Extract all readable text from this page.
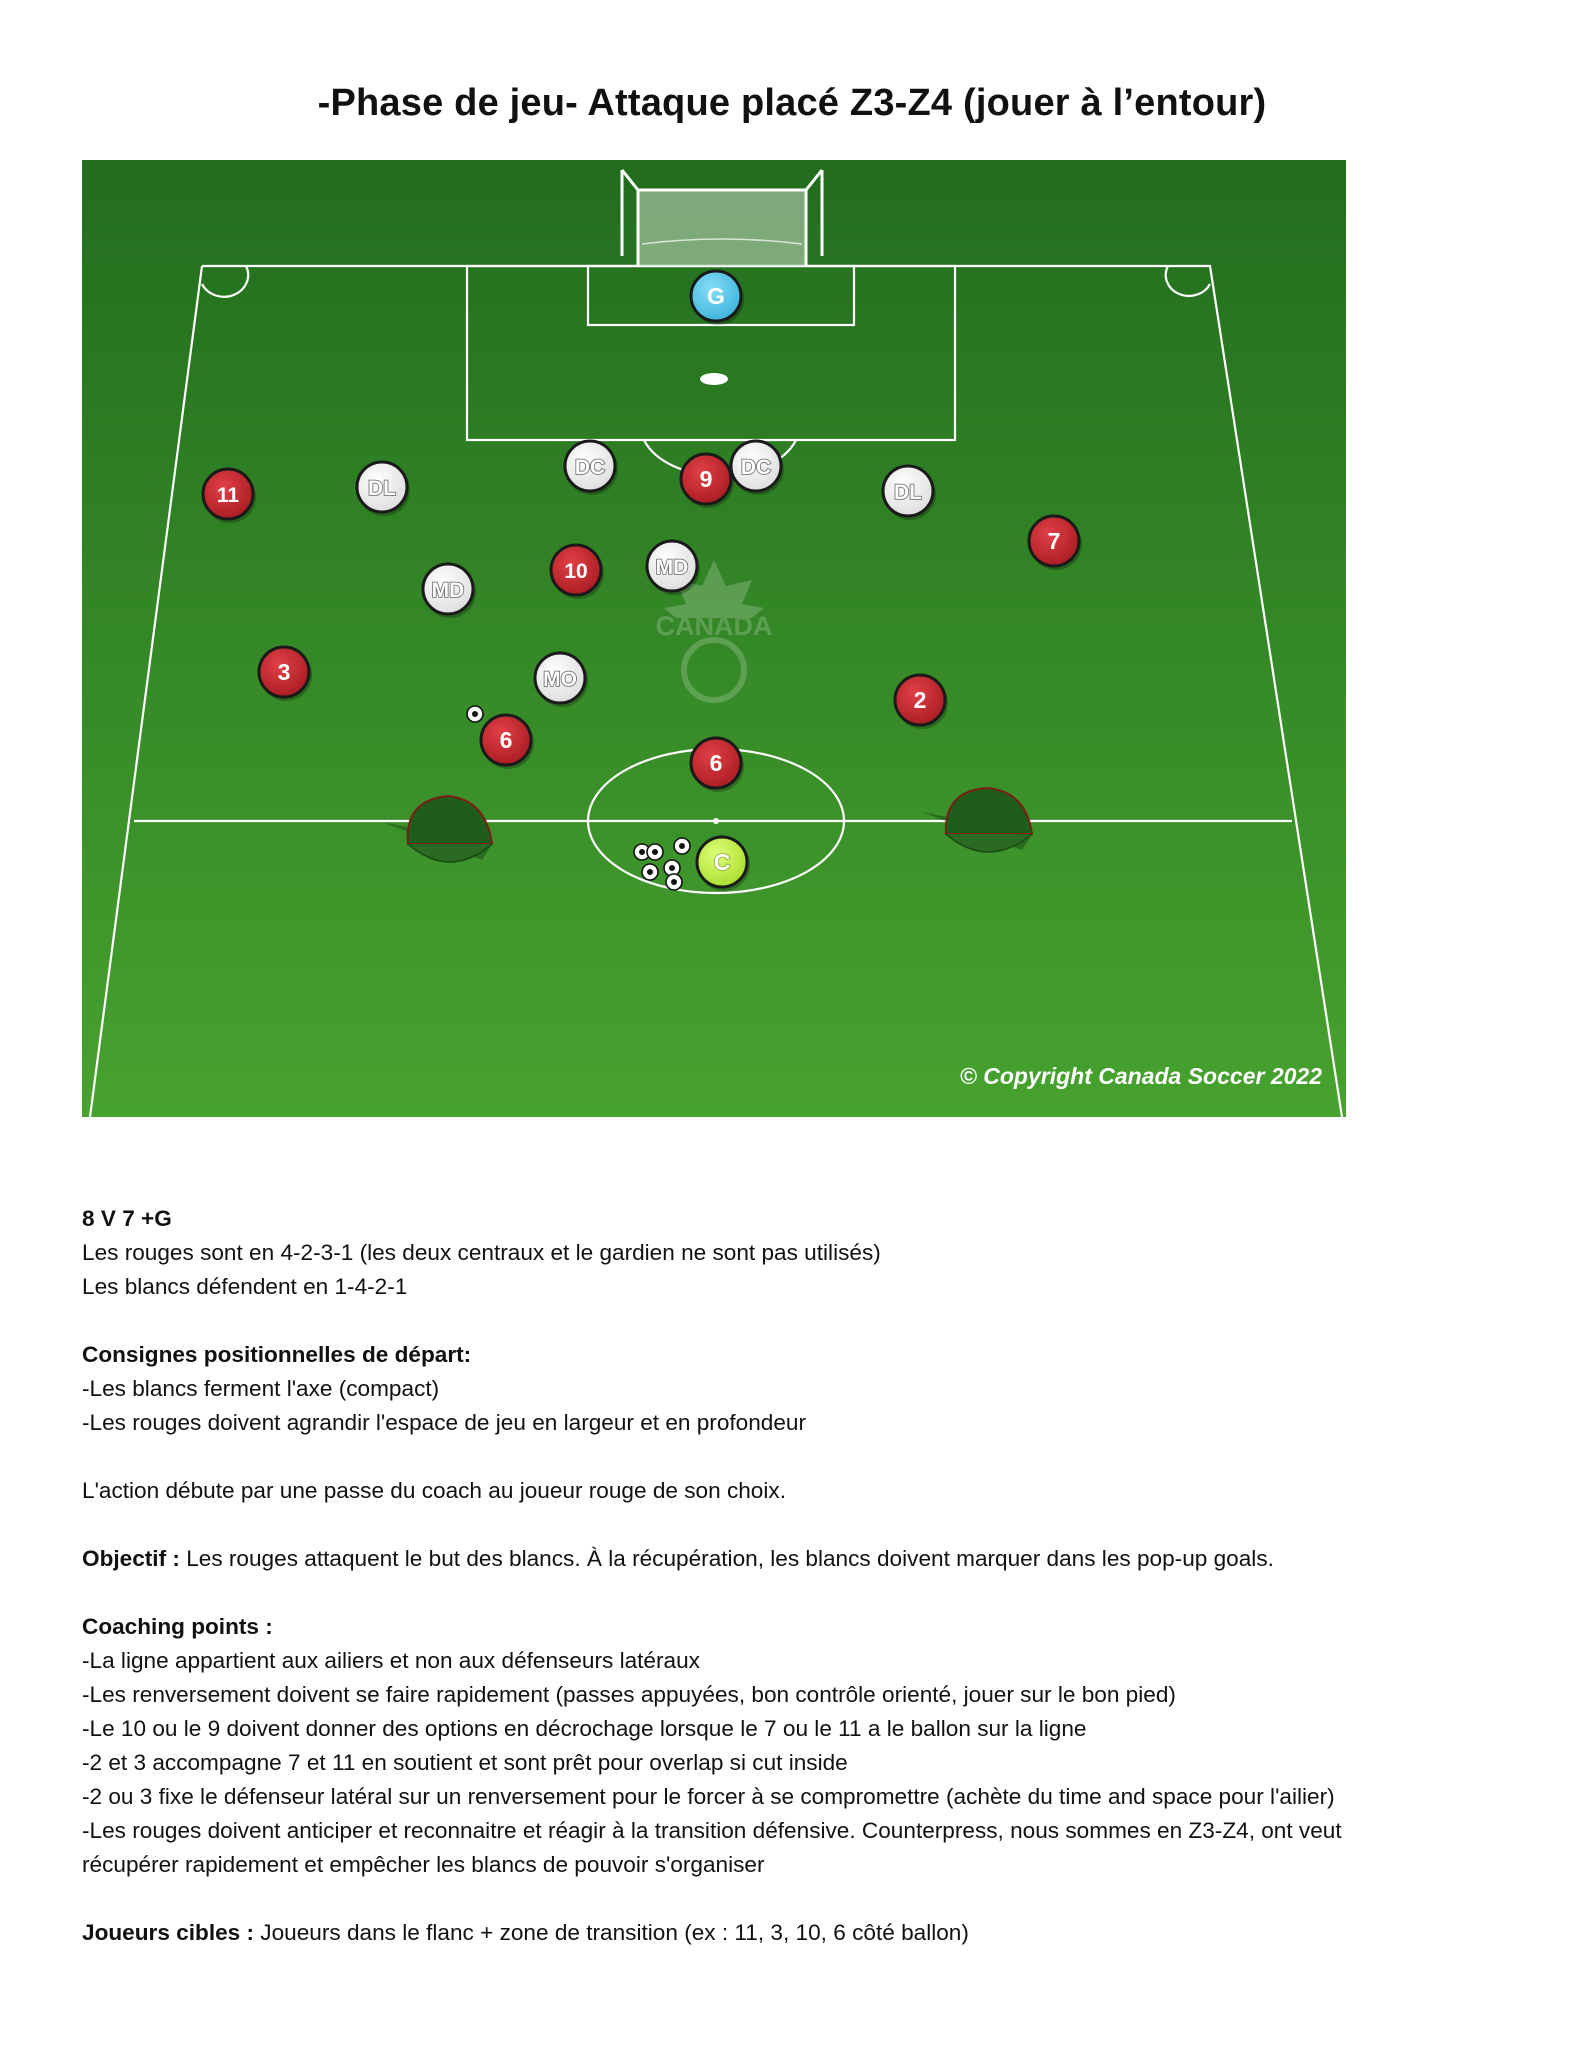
-Phase de jeu- Attaque placé Z3-Z4 (jouer à l’entour)
CANADA
G
11	DL
DC	9 DC
DL
7
MD
10	MD
3	MO
2
6
6
C
© Copyright Canada Soccer 2022

8 V 7 +G

Les rouges sont en 4-2-3-1 (les deux centraux et le gardien ne sont pas utilisés)

Les blancs défendent en 1-4-2-1

Consignes positionnelles de départ:

-Les blancs ferment l'axe (compact)

-Les rouges doivent agrandir l'espace de jeu en largeur et en profondeur

L'action débute par une passe du coach au joueur rouge de son choix.

Objectif : Les rouges attaquent le but des blancs. À la récupération, les blancs doivent marquer dans les pop-up goals.

Coaching points :

-La ligne appartient aux ailiers et non aux défenseurs latéraux

-Les renversement doivent se faire rapidement (passes appuyées, bon contrôle orienté, jouer sur le bon pied)

-Le 10 ou le 9 doivent donner des options en décrochage lorsque le 7 ou le 11 a le ballon sur la ligne

-2 et 3 accompagne 7 et 11 en soutient et sont prêt pour overlap si cut inside

-2 ou 3 fixe le défenseur latéral sur un renversement pour le forcer à se compromettre (achète du time and space pour l'ailier)

-Les rouges doivent anticiper et reconnaitre et réagir à la transition défensive. Counterpress, nous sommes en Z3-Z4, ont veut

récupérer rapidement et empêcher les blancs de pouvoir s'organiser

Joueurs cibles : Joueurs dans le flanc + zone de transition (ex : 11, 3, 10, 6 côté ballon)
